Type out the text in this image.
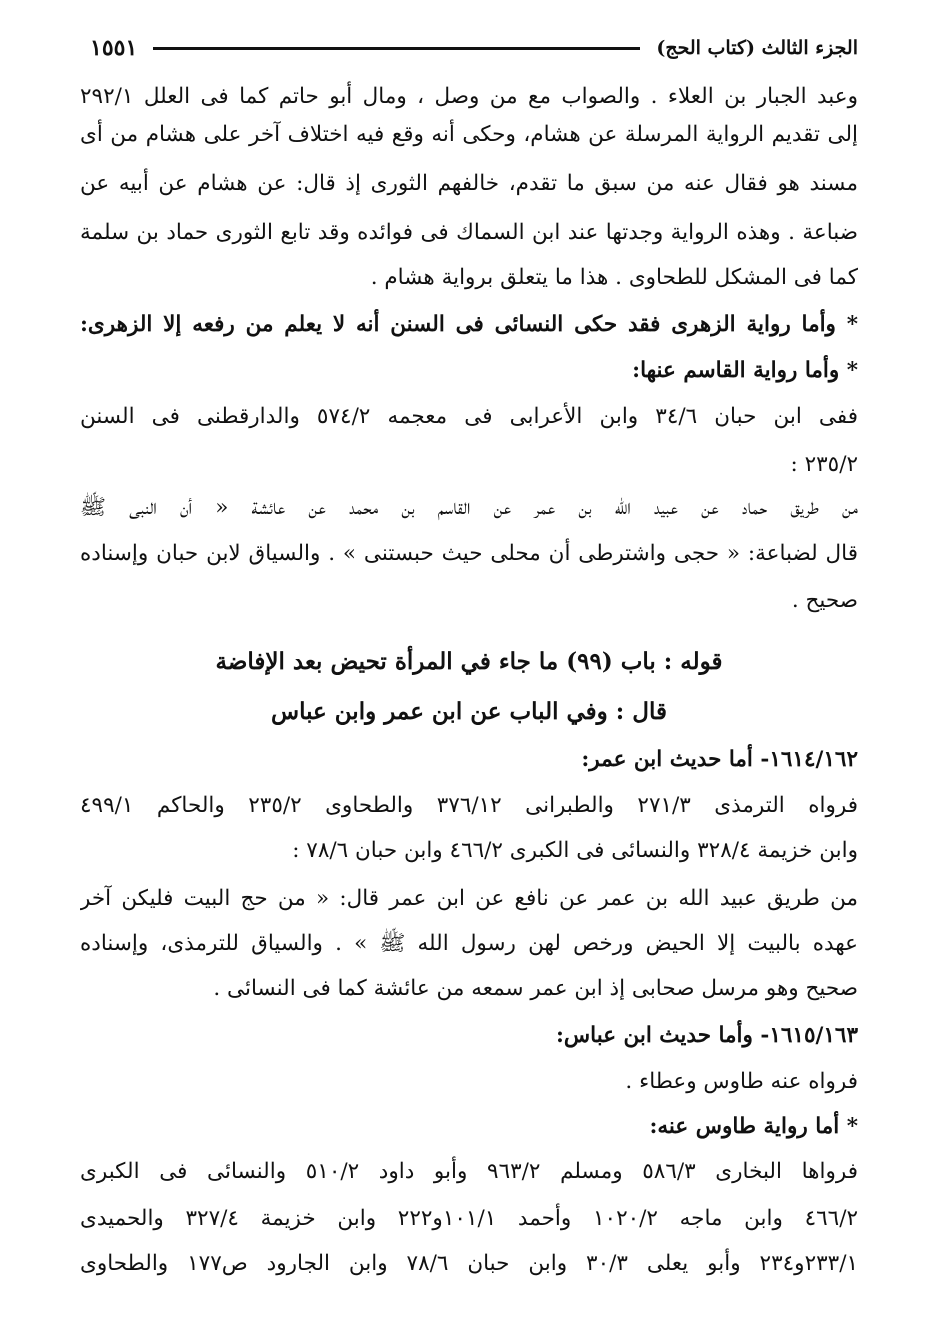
الجزء الثالث (كتاب الحج)
١٥٥١
وعبد الجبار بن العلاء . والصواب مع من وصل ، ومال أبو حاتم كما فى العلل ٢٩٢/١
إلى تقديم الرواية المرسلة عن هشام، وحكى أنه وقع فيه اختلاف آخر على هشام من أى
مسند هو فقال عنه من سبق ما تقدم، خالفهم الثورى إذ قال: عن هشام عن أبيه عن
ضباعة . وهذه الرواية وجدتها عند ابن السماك فى فوائده وقد تابع الثورى حماد بن سلمة
كما فى المشكل للطحاوى . هذا ما يتعلق برواية هشام .
* وأما رواية الزهرى فقد حكى النسائى فى السنن أنه لا يعلم من رفعه إلا الزهرى:
* وأما رواية القاسم عنها:
ففى ابن حبان ٣٤/٦ وابن الأعرابى فى معجمه ٥٧٤/٢ والدارقطنى فى السنن
٢٣٥/٢ :
من طريق حماد عن عبيد الله بن عمر عن القاسم بن محمد عن عائشة « أن النبى ﷺ
قال لضباعة: « حجى واشترطى أن محلى حيث حبستنى » . والسياق لابن حبان وإسناده
صحيح .
قوله : باب (٩٩) ما جاء في المرأة تحيض بعد الإفاضة
قال : وفي الباب عن ابن عمر وابن عباس
١٦١٤/١٦٢- أما حديث ابن عمر:
فرواه الترمذى ٢٧١/٣ والطبرانى ٣٧٦/١٢ والطحاوى ٢٣٥/٢ والحاكم ٤٩٩/١
وابن خزيمة ٣٢٨/٤ والنسائى فى الكبرى ٤٦٦/٢ وابن حبان ٧٨/٦ :
من طريق عبيد الله بن عمر عن نافع عن ابن عمر قال: « من حج البيت فليكن آخر
عهده بالبيت إلا الحيض ورخص لهن رسول الله ﷺ » . والسياق للترمذى، وإسناده
صحيح وهو مرسل صحابى إذ ابن عمر سمعه من عائشة كما فى النسائى .
١٦١٥/١٦٣- وأما حديث ابن عباس:
فرواه عنه طاوس وعطاء .
* أما رواية طاوس عنه:
فرواها البخارى ٥٨٦/٣ ومسلم ٩٦٣/٢ وأبو داود ٥١٠/٢ والنسائى فى الكبرى
٤٦٦/٢ وابن ماجه ١٠٢٠/٢ وأحمد ١٠١/١و٢٢٢ وابن خزيمة ٣٢٧/٤ والحميدى
٢٣٣/١و٢٣٤ وأبو يعلى ٣٠/٣ وابن حبان ٧٨/٦ وابن الجارود ص١٧٧ والطحاوى
